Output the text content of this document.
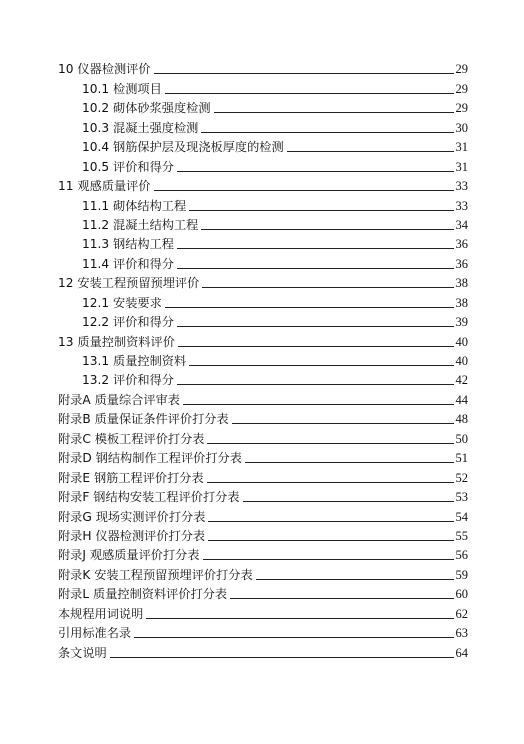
10 仪器检测评价	29
10.1 检测项目	29
10.2 砌体砂浆强度检测	29
10.3 混凝土强度检测	30
10.4 钢筋保护层及现浇板厚度的检测	31
10.5 评价和得分	31
11 观感质量评价	33
11.1 砌体结构工程	33
11.2 混凝土结构工程	34
11.3 钢结构工程	36
11.4 评价和得分	36
12 安装工程预留预埋评价	38
12.1 安装要求	38
12.2 评价和得分	39
13 质量控制资料评价	40
13.1 质量控制资料	40
13.2 评价和得分	42
附录A 质量综合评审表	44
附录B 质量保证条件评价打分表	48
附录C 模板工程评价打分表	50
附录D 钢结构制作工程评价打分表	51
附录E 钢筋工程评价打分表	52
附录F 钢结构安装工程评价打分表	53
附录G 现场实测评价打分表	54
附录H 仪器检测评价打分表	55
附录J 观感质量评价打分表	56
附录K 安装工程预留预埋评价打分表	59
附录L 质量控制资料评价打分表	60
本规程用词说明	62
引用标准名录	63
条文说明	64
